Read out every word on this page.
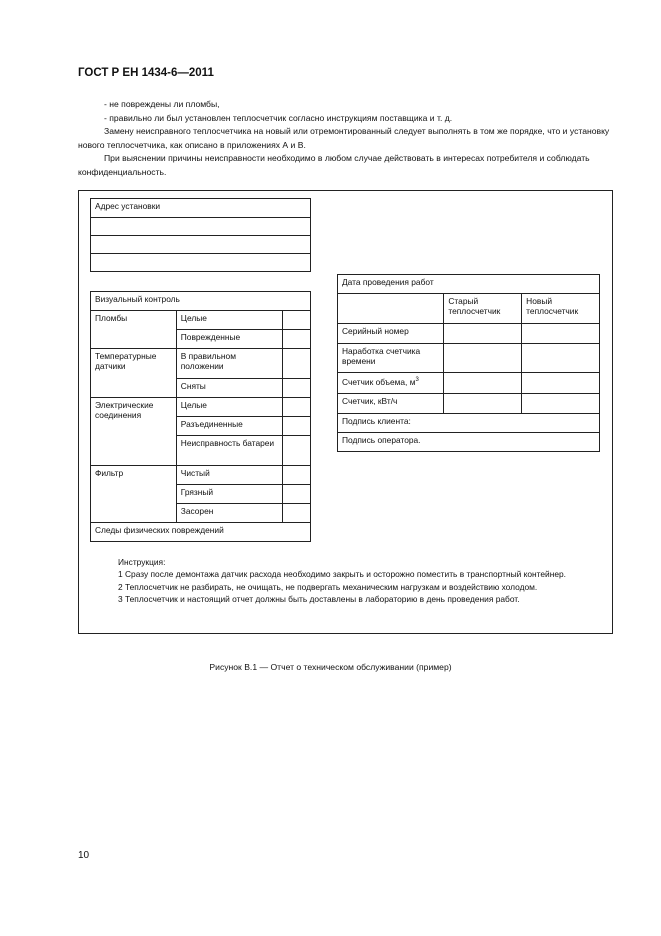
ГОСТ Р ЕН 1434-6—2011

- не повреждены ли пломбы,

- правильно ли был установлен теплосчетчик согласно инструкциям поставщика и т. д.

Замену неисправного теплосчетчика на новый или отремонтированный следует выполнять в том же порядке, что и установку нового теплосчетчика, как описано в приложениях А и В.

При выяснении причины неисправности необходимо в любом случае действовать в интересах потребителя и соблюдать конфиденциальность.

Адрес установки

Визуальный контроль		
Пломбы	Целые	
	Поврежденные	
Температурные датчики	В правильном положении	
	Сняты	
Электрические соединения	Целые	
	Разъединенные	
	Неисправность батареи	
Фильтр	Чистый	
	Грязный	
	Засорен	
Следы физических повреждений		
Дата проведения работ		
	Старый теплосчетчик	Новый теплосчетчик
Серийный номер		
Наработка счетчика времени		
Счетчик объема, $м^3$		
Счетчик, кВт/ч		
Подпись клиента:		
Подпись оператора.		

Инструкция:

1 Сразу после демонтажа датчик расхода необходимо закрыть и осторожно поместить в транспортный контейнер.

2 Теплосчетчик не разбирать, не очищать, не подвергать механическим нагрузкам и воздействию холодом.

3 Теплосчетчик и настоящий отчет должны быть доставлены в лабораторию в день проведения работ.

Рисунок В.1 — Отчет о техническом обслуживании (пример)
10
